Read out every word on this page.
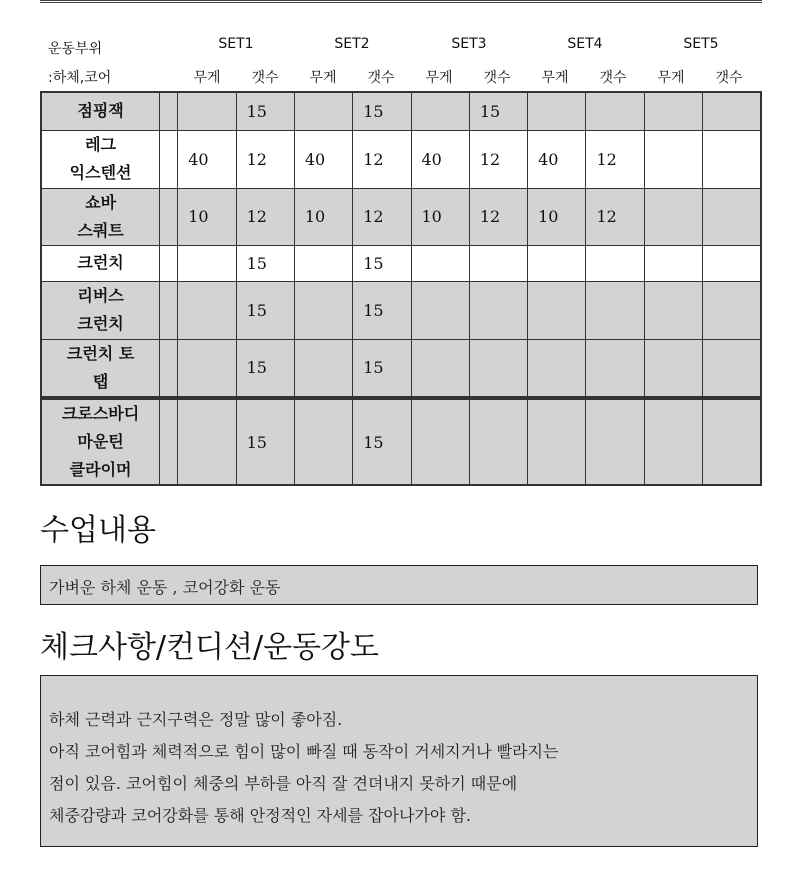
운동부위
:하체,코어
SET1	SET2	SET3	SET4	SET5
무게	갯수	무게	갯수	무게	갯수	무게	갯수	무게	갯수
점핑잭			15		15		15				

레그
익스텐션		40	12	40	12	40	12	40	12		

쇼바
스쿼트		10	12	10	12	10	12	10	12		

크런치			15		15						

리버스
크런치			15		15						

크런치 토
탭			15		15						
크로스바디
마운틴
클라이머
			15		15						
수업내용
가벼운 하체 운동 , 코어강화 운동
체크사항/컨디션/운동강도
하체 근력과 근지구력은 정말 많이 좋아짐.
아직 코어힘과 체력적으로 힘이 많이 빠질 때 동작이 거세지거나 빨라지는
점이 있음. 코어힘이 체중의 부하를 아직 잘 견뎌내지 못하기 때문에
체중감량과 코어강화를 통해 안정적인 자세를 잡아나가야 함.
